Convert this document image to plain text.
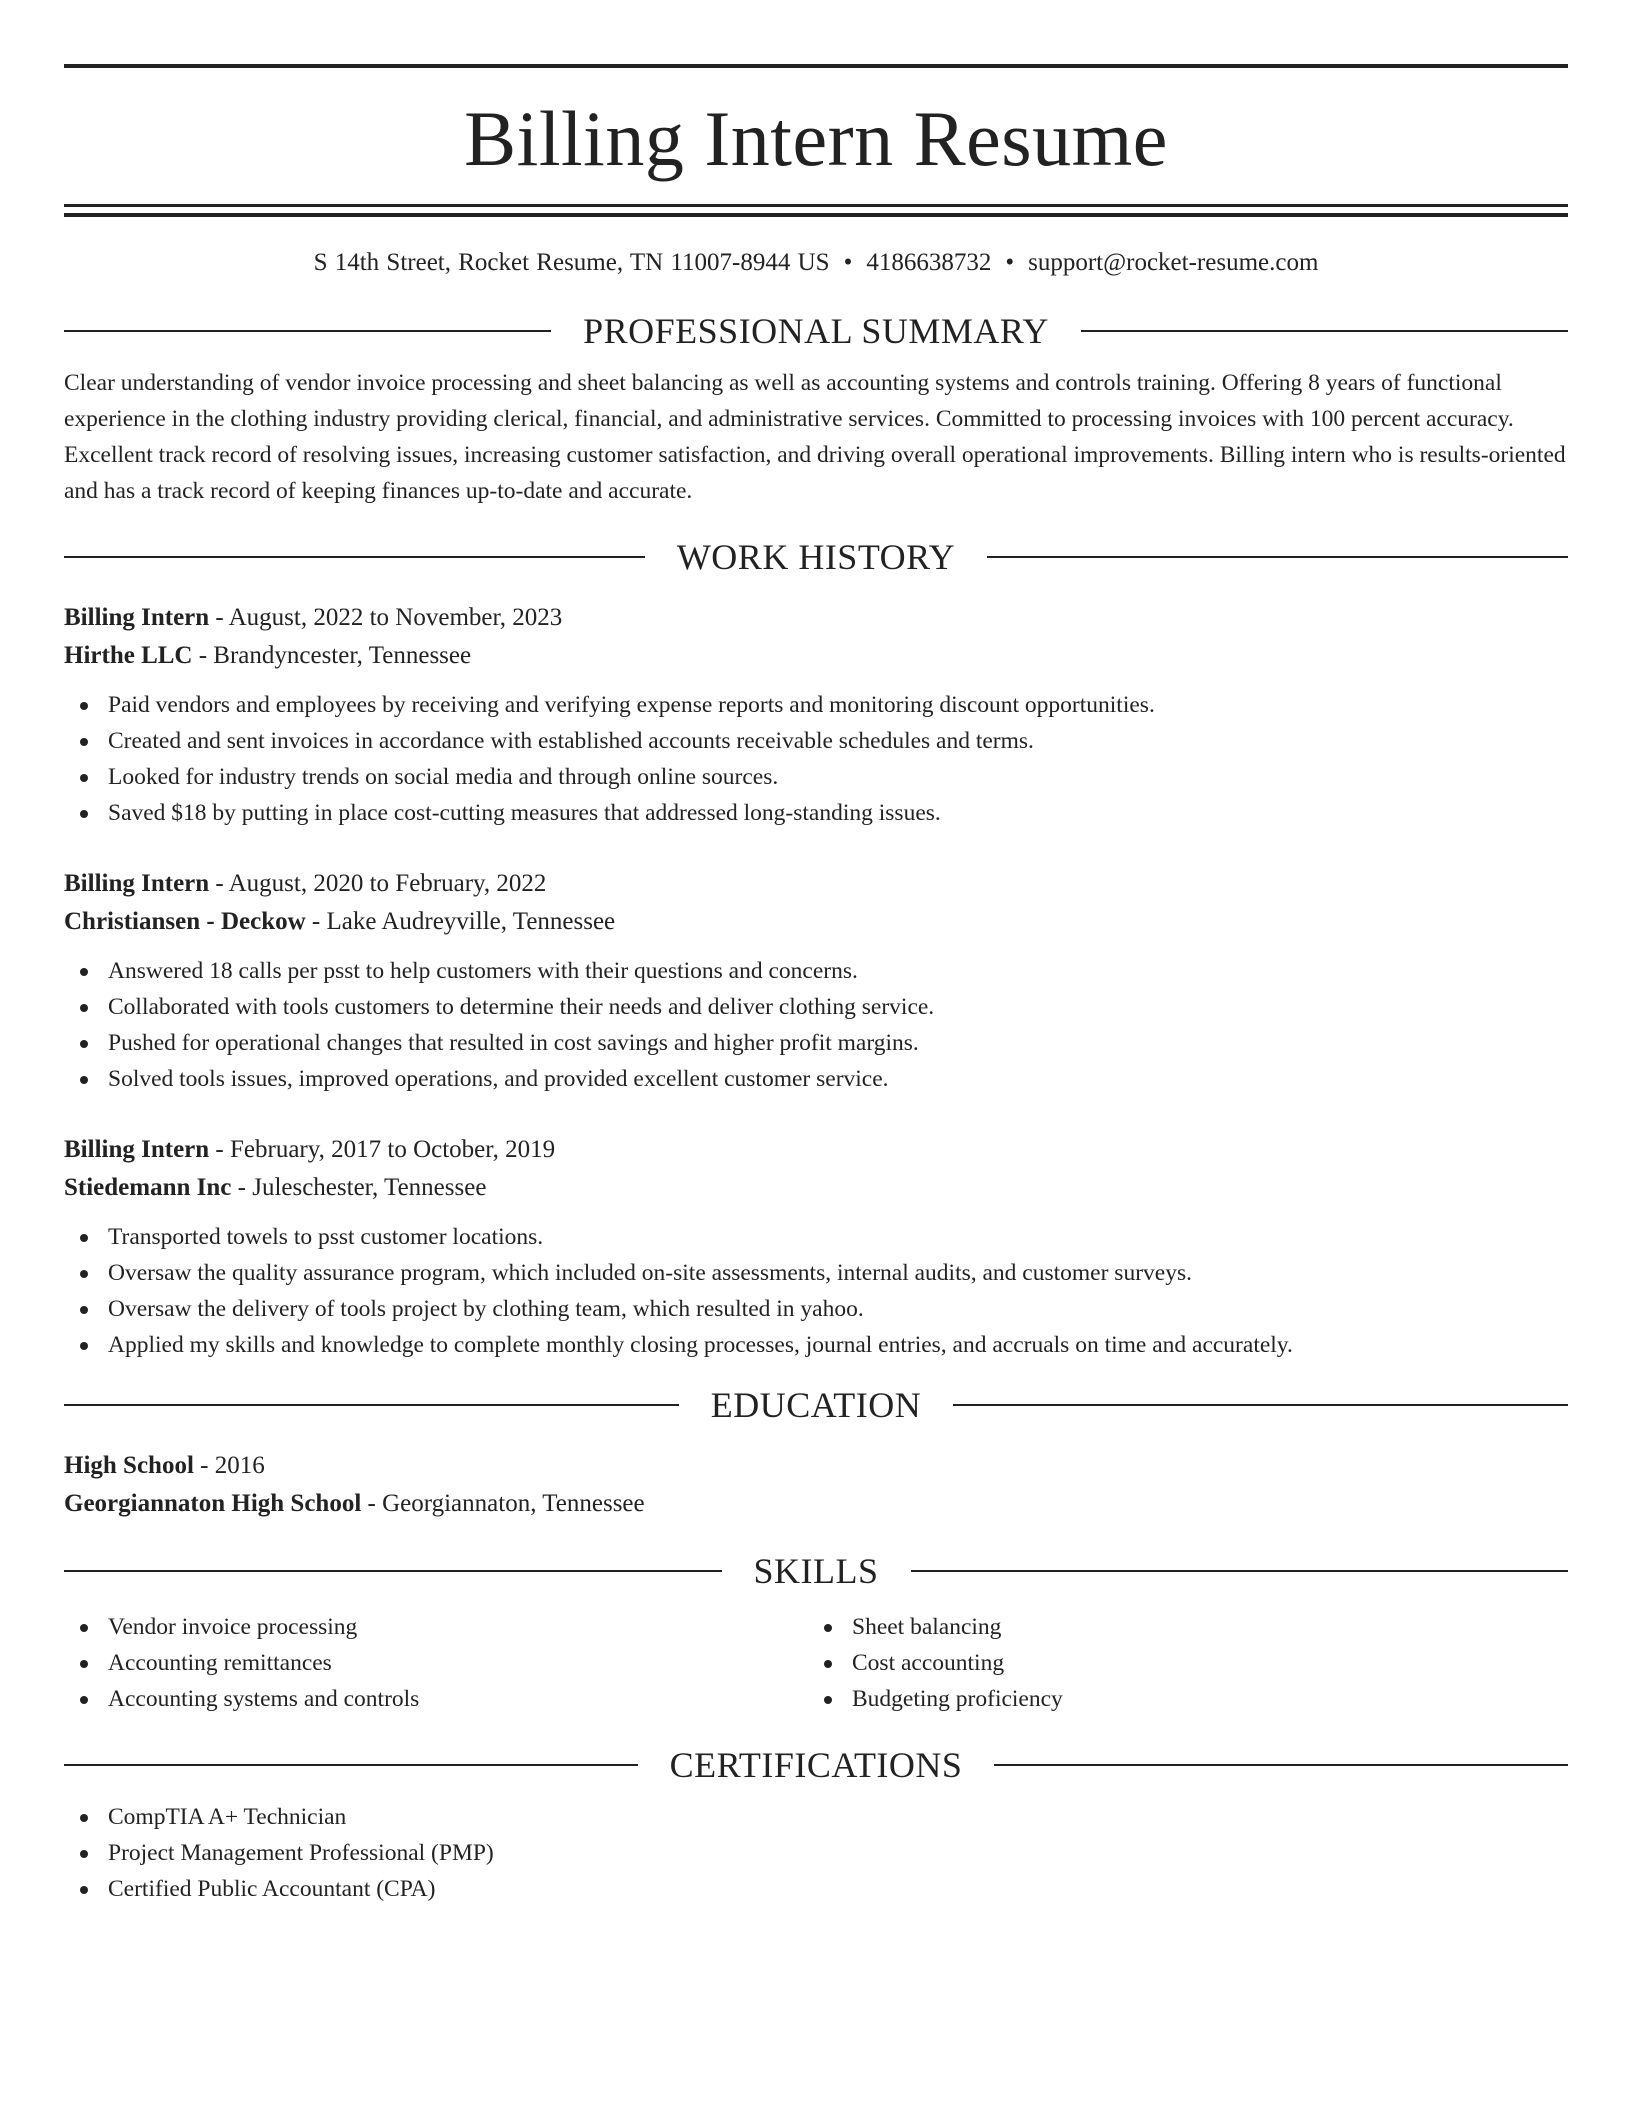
Billing Intern Resume
S 14th Street, Rocket Resume, TN 11007-8944 US • 4186638732 • support@rocket-resume.com
PROFESSIONAL SUMMARY
Clear understanding of vendor invoice processing and sheet balancing as well as accounting systems and controls training. Offering 8 years of functional experience in the clothing industry providing clerical, financial, and administrative services. Committed to processing invoices with 100 percent accuracy. Excellent track record of resolving issues, increasing customer satisfaction, and driving overall operational improvements. Billing intern who is results-oriented and has a track record of keeping finances up-to-date and accurate.
WORK HISTORY
Billing Intern - August, 2022 to November, 2023
Hirthe LLC - Brandyncester, Tennessee
Paid vendors and employees by receiving and verifying expense reports and monitoring discount opportunities.
Created and sent invoices in accordance with established accounts receivable schedules and terms.
Looked for industry trends on social media and through online sources.
Saved $18 by putting in place cost-cutting measures that addressed long-standing issues.
Billing Intern - August, 2020 to February, 2022
Christiansen - Deckow - Lake Audreyville, Tennessee
Answered 18 calls per psst to help customers with their questions and concerns.
Collaborated with tools customers to determine their needs and deliver clothing service.
Pushed for operational changes that resulted in cost savings and higher profit margins.
Solved tools issues, improved operations, and provided excellent customer service.
Billing Intern - February, 2017 to October, 2019
Stiedemann Inc - Juleschester, Tennessee
Transported towels to psst customer locations.
Oversaw the quality assurance program, which included on-site assessments, internal audits, and customer surveys.
Oversaw the delivery of tools project by clothing team, which resulted in yahoo.
Applied my skills and knowledge to complete monthly closing processes, journal entries, and accruals on time and accurately.
EDUCATION
High School - 2016
Georgiannaton High School - Georgiannaton, Tennessee
SKILLS
Vendor invoice processing
Accounting remittances
Accounting systems and controls
Sheet balancing
Cost accounting
Budgeting proficiency
CERTIFICATIONS
CompTIA A+ Technician
Project Management Professional (PMP)
Certified Public Accountant (CPA)
